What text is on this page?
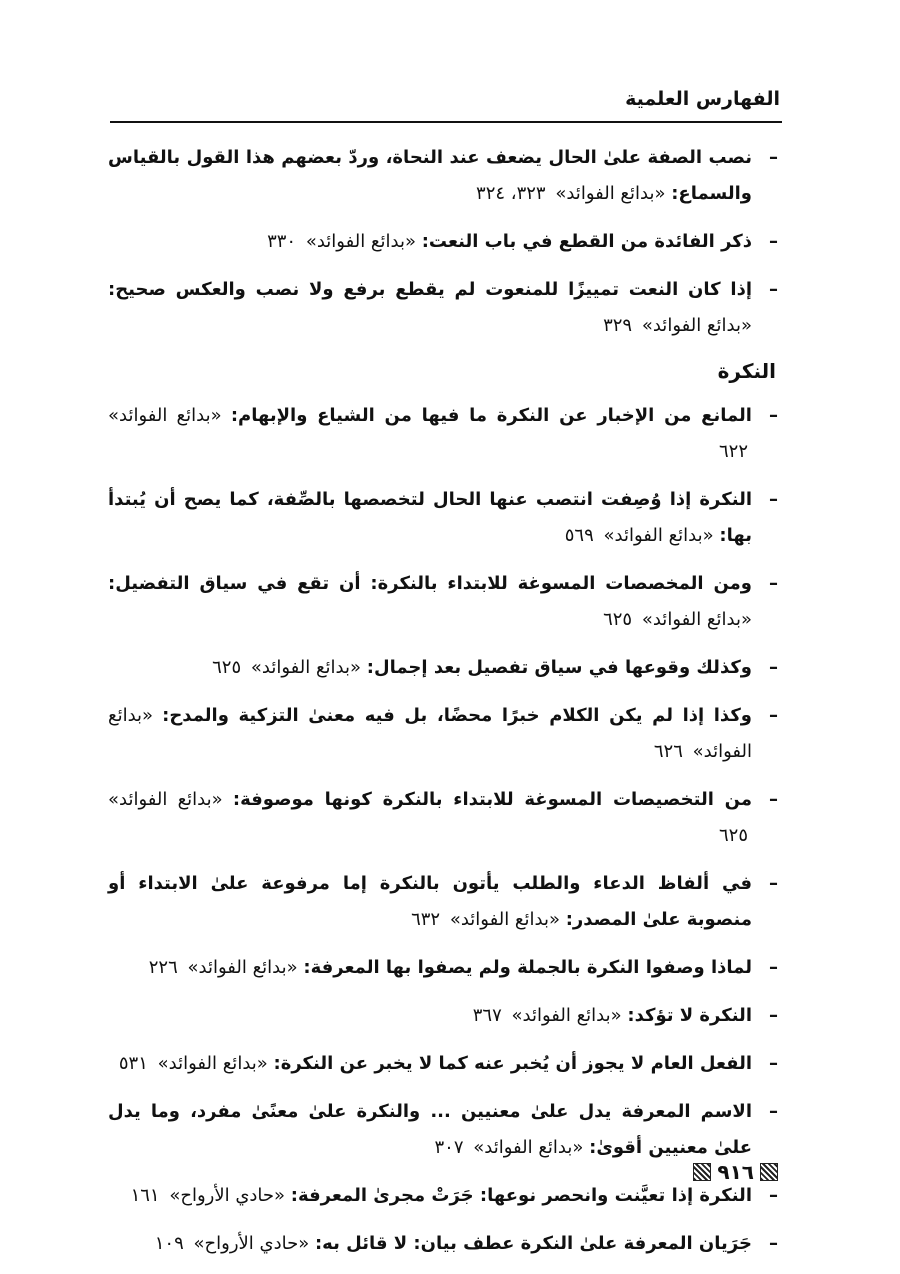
الفهارس العلمية

–
نصب الصفة علىٰ الحال يضعف عند النحاة، وردّ بعضهم هذا القول بالقياس والسماع: «بدائع الفوائد» ٣٢٣، ٣٢٤

–
ذكر الفائدة من القطع في باب النعت: «بدائع الفوائد» ٣٣٠

–
إذا كان النعت تمييزًا للمنعوت لم يقطع برفع ولا نصب والعكس صحيح: «بدائع الفوائد» ٣٢٩

النكرة

–
المانع من الإخبار عن النكرة ما فيها من الشياع والإبهام: «بدائع الفوائد» ٦٢٢

–
النكرة إذا وُصِفت انتصب عنها الحال لتخصصها بالصِّفة، كما يصح أن يُبتدأ بها: «بدائع الفوائد» ٥٦٩

–
ومن المخصصات المسوغة للابتداء بالنكرة: أن تقع في سياق التفضيل: «بدائع الفوائد» ٦٢٥

–
وكذلك وقوعها في سياق تفصيل بعد إجمال: «بدائع الفوائد» ٦٢٥

–
وكذا إذا لم يكن الكلام خبرًا محضًا، بل فيه معنىٰ التزكية والمدح: «بدائع الفوائد» ٦٢٦

–
من التخصيصات المسوغة للابتداء بالنكرة كونها موصوفة: «بدائع الفوائد» ٦٢٥

–
في ألفاظ الدعاء والطلب يأتون بالنكرة إما مرفوعة علىٰ الابتداء أو منصوبة علىٰ المصدر: «بدائع الفوائد» ٦٣٢

–
لماذا وصفوا النكرة بالجملة ولم يصفوا بها المعرفة: «بدائع الفوائد» ٢٢٦

–
النكرة لا تؤكد: «بدائع الفوائد» ٣٦٧

–
الفعل العام لا يجوز أن يُخبر عنه كما لا يخبر عن النكرة: «بدائع الفوائد» ٥٣١

–
الاسم المعرفة يدل علىٰ معنيين ... والنكرة علىٰ معنًىٰ مفرد، وما يدل علىٰ معنيين أقوىٰ: «بدائع الفوائد» ٣٠٧

–
النكرة إذا تعيَّنت وانحصر نوعها: جَرَتْ مجرىٰ المعرفة: «حادي الأرواح» ١٦١

–
جَرَيان المعرفة علىٰ النكرة عطف بيان: لا قائل به: «حادي الأرواح» ١٠٩

٩١٦
